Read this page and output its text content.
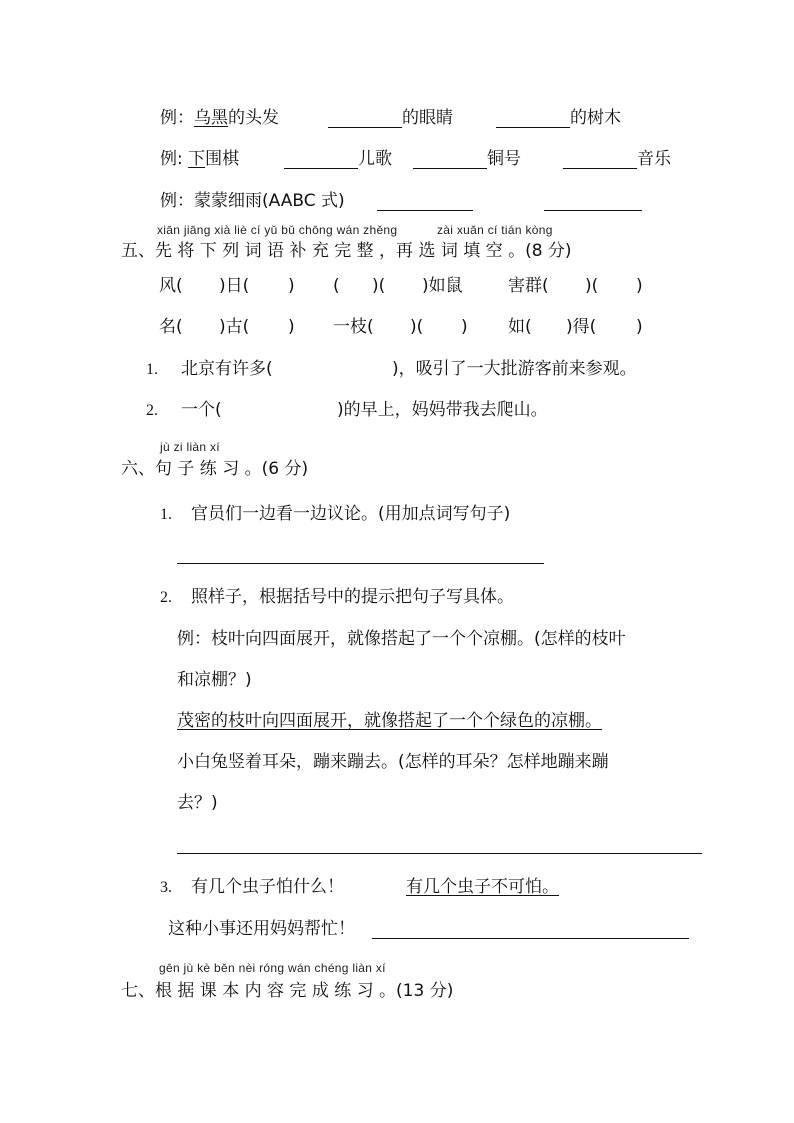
例：乌黑的头发	的眼睛	的树木
例: 下围棋	儿歌	铜号	音乐
例：蒙蒙细雨(AABC 式)
xiān jiāng xià liè cí yǔ bǔ chōng wán zhěng	zài xuǎn cí tián kòng
五、先 将 下 列 词 语 补 充 完 整 ，再 选 词 填 空 。(8 分)
风( )日( ) ( )( )如鼠	害群( )( )
名( )古( ) 一枝( )( ) 如( )得( )
1. 北京有许多(	)，吸引了一大批游客前来参观。
2. 一个(	)的早上，妈妈带我去爬山。
jù zi liàn xí
六、句 子 练 习 。(6 分)
1. 官员们一边看一边议论。(用加点词写句子)
2. 照样子，根据括号中的提示把句子写具体。
例：枝叶向四面展开，就像搭起了一个个凉棚。(怎样的枝叶
和凉棚？)
茂密的枝叶向四面展开，就像搭起了一个个绿色的凉棚。
小白兔竖着耳朵，蹦来蹦去。(怎样的耳朵？怎样地蹦来蹦
去？)
3. 有几个虫子怕什么！	有几个虫子不可怕。
这种小事还用妈妈帮忙！
gēn jù kè běn nèi róng wán chéng liàn xí
七、根 据 课 本 内 容 完 成 练 习 。(13 分)
